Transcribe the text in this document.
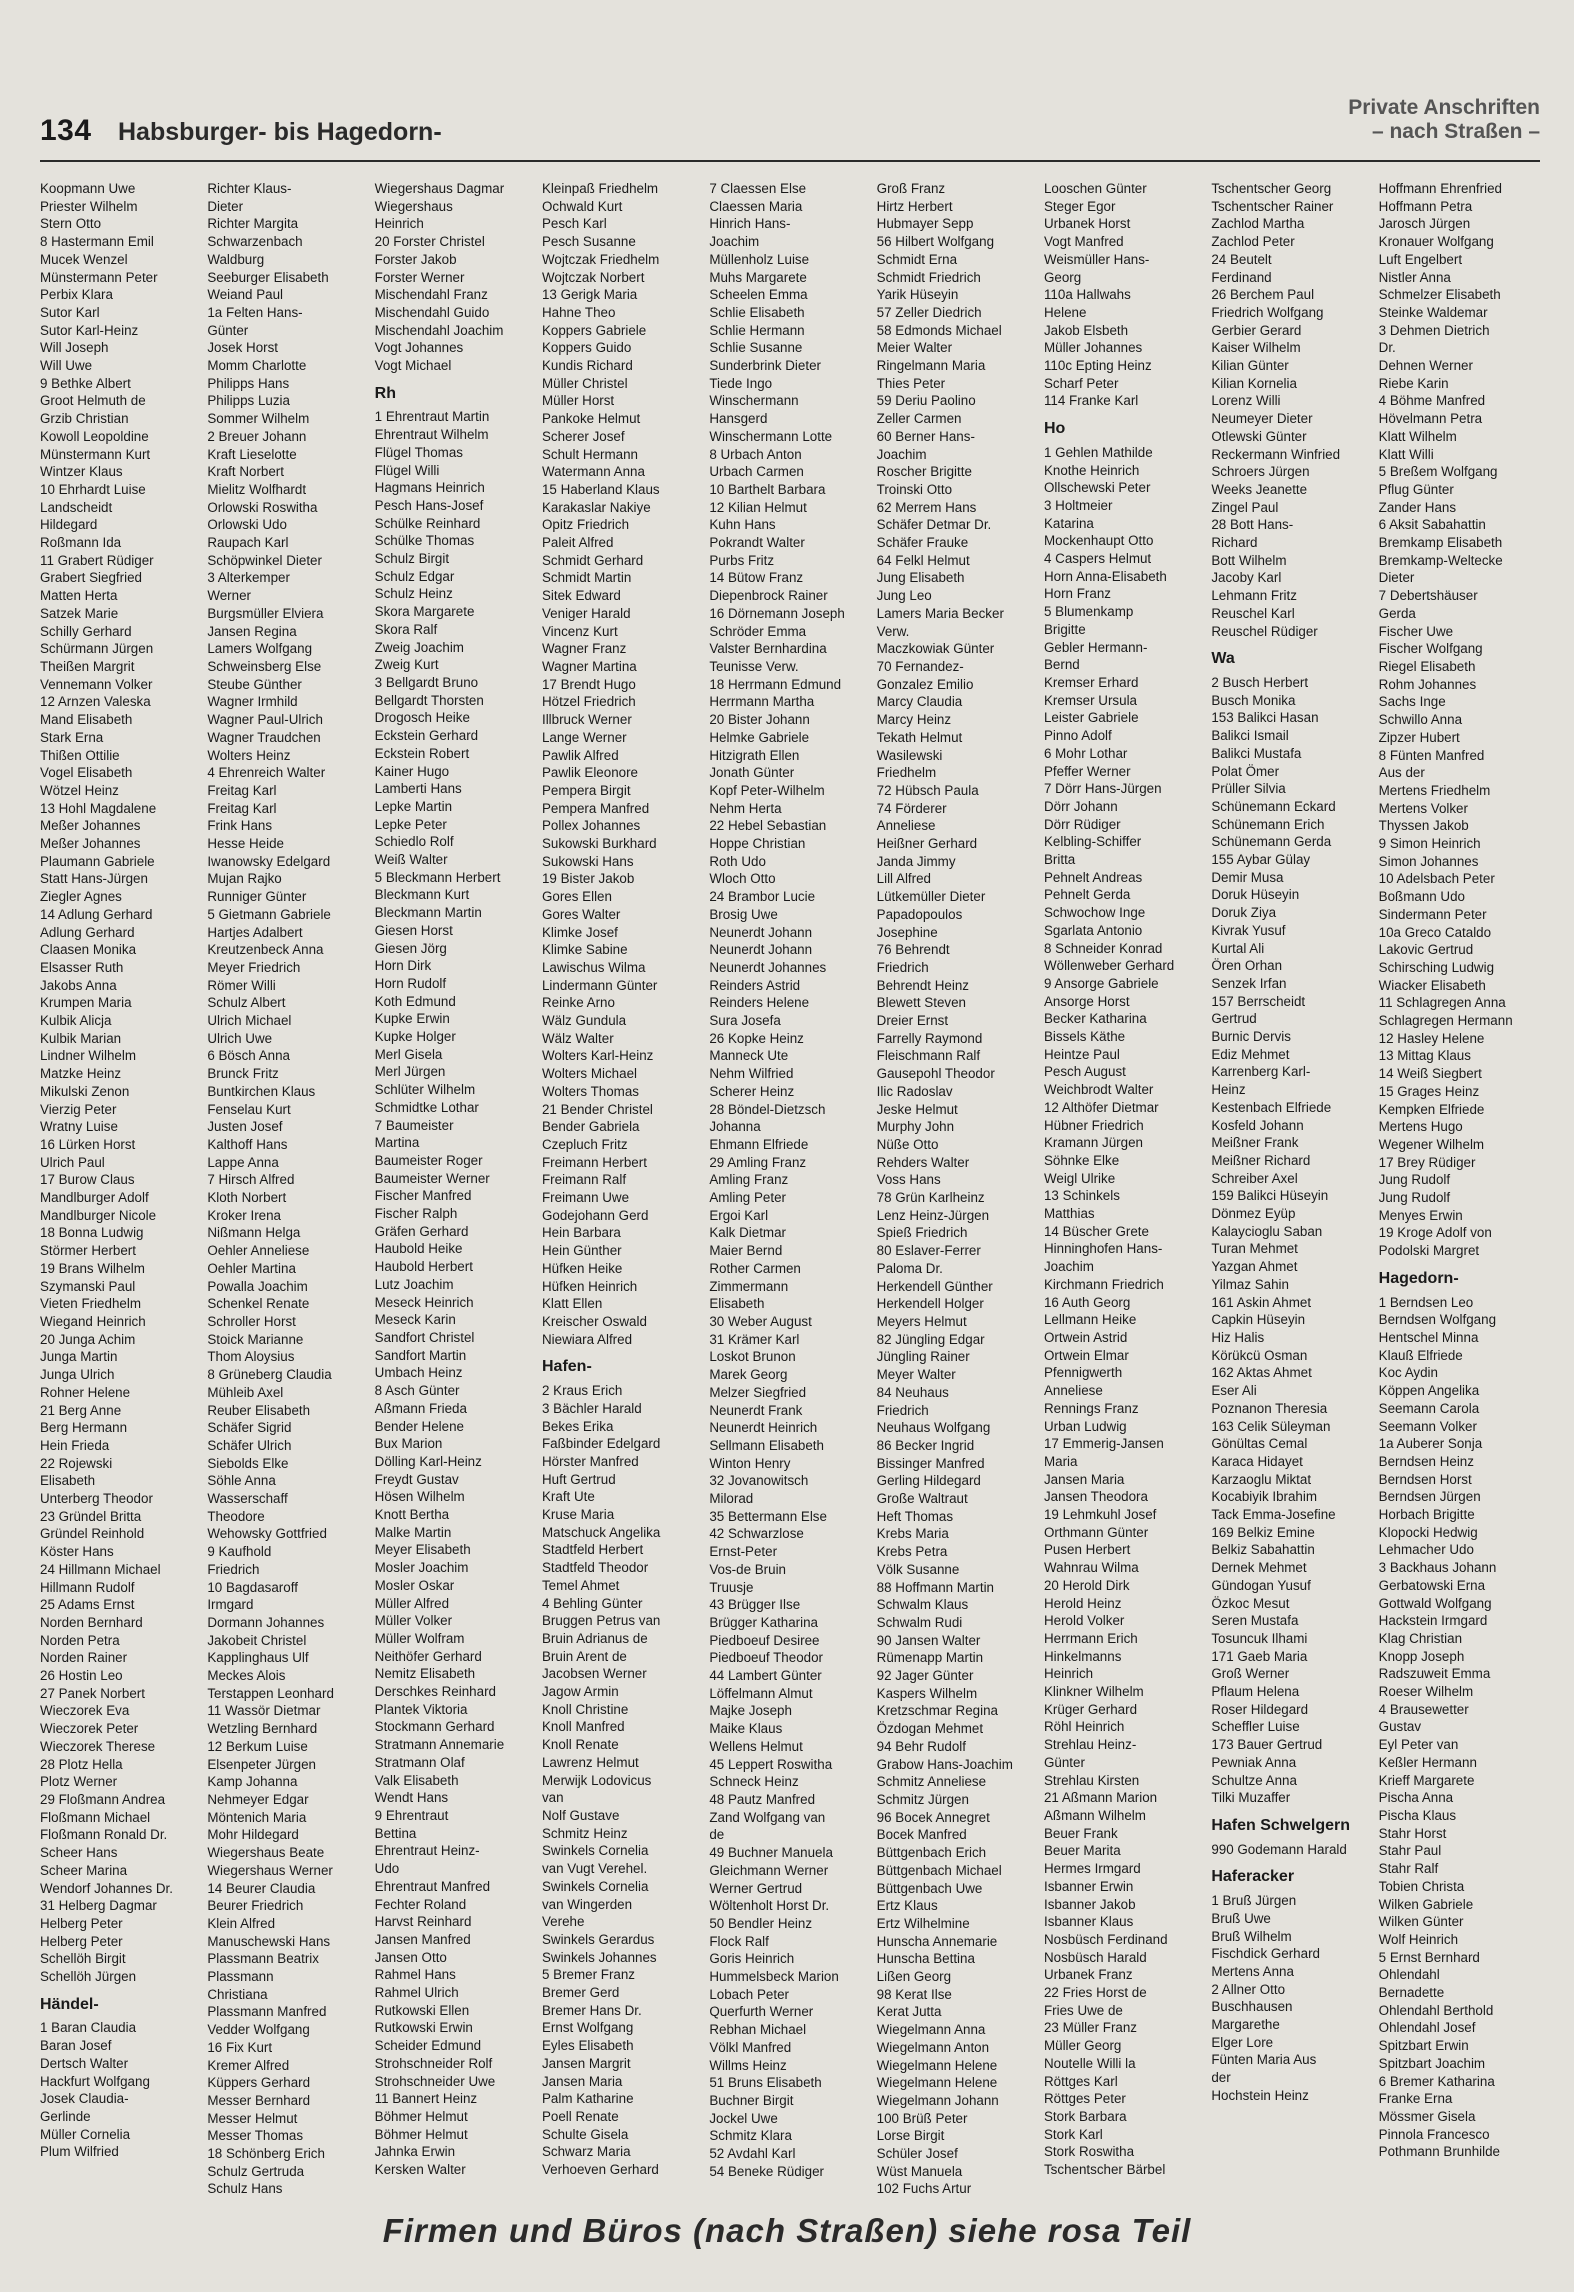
134 Habsburger- bis Hagedorn-
Private Anschriften
– nach Straßen –
Koopmann Uwe
Priester Wilhelm
Stern Otto
8 Hastermann Emil
Mucek Wenzel
Münstermann Peter
Perbix Klara
Sutor Karl
Sutor Karl-Heinz
Will Joseph
Will Uwe
9 Bethke Albert
Groot Helmuth de
Grzib Christian
Kowoll Leopoldine
Münstermann Kurt
Wintzer Klaus
10 Ehrhardt Luise
Landscheidt
Hildegard
Roßmann Ida
11 Grabert Rüdiger
Grabert Siegfried
Matten Herta
Satzek Marie
Schilly Gerhard
Schürmann Jürgen
Theißen Margrit
Vennemann Volker
12 Arnzen Valeska
Mand Elisabeth
Stark Erna
Thißen Ottilie
Vogel Elisabeth
Wötzel Heinz
13 Hohl Magdalene
Meßer Johannes
Meßer Johannes
Plaumann Gabriele
Statt Hans-Jürgen
Ziegler Agnes
14 Adlung Gerhard
Adlung Gerhard
Claasen Monika
Elsasser Ruth
Jakobs Anna
Krumpen Maria
Kulbik Alicja
Kulbik Marian
Lindner Wilhelm
Matzke Heinz
Mikulski Zenon
Vierzig Peter
Wratny Luise
16 Lürken Horst
Ulrich Paul
17 Burow Claus
Mandlburger Adolf
Mandlburger Nicole
18 Bonna Ludwig
Störmer Herbert
19 Brans Wilhelm
Szymanski Paul
Vieten Friedhelm
Wiegand Heinrich
20 Junga Achim
Junga Martin
Junga Ulrich
Rohner Helene
21 Berg Anne
Berg Hermann
Hein Frieda
22 Rojewski
Elisabeth
Unterberg Theodor
23 Gründel Britta
Gründel Reinhold
Köster Hans
24 Hillmann Michael
Hillmann Rudolf
25 Adams Ernst
Norden Bernhard
Norden Petra
Norden Rainer
26 Hostin Leo
27 Panek Norbert
Wieczorek Eva
Wieczorek Peter
Wieczorek Therese
28 Plotz Hella
Plotz Werner
29 Floßmann Andrea
Floßmann Michael
Floßmann Ronald Dr.
Scheer Hans
Scheer Marina
Wendorf Johannes Dr.
31 Helberg Dagmar
Helberg Peter
Helberg Peter
Schellöh Birgit
Schellöh Jürgen
Händel-
1 Baran Claudia
Baran Josef
Dertsch Walter
Hackfurt Wolfgang
Josek Claudia-
Gerlinde
Müller Cornelia
Plum Wilfried
Richter Klaus-
Dieter
Richter Margita
Schwarzenbach
Waldburg
Seeburger Elisabeth
Weiand Paul
1a Felten Hans-
Günter
Josek Horst
Momm Charlotte
Philipps Hans
Philipps Luzia
Sommer Wilhelm
2 Breuer Johann
Kraft Lieselotte
Kraft Norbert
Mielitz Wolfhardt
Orlowski Roswitha
Orlowski Udo
Raupach Karl
Schöpwinkel Dieter
3 Alterkemper
Werner
Burgsmüller Elviera
Jansen Regina
Lamers Wolfgang
Schweinsberg Else
Steube Günther
Wagner Irmhild
Wagner Paul-Ulrich
Wagner Traudchen
Wolters Heinz
4 Ehrenreich Walter
Freitag Karl
Freitag Karl
Frink Hans
Hesse Heide
Iwanowsky Edelgard
Mujan Rajko
Runniger Günter
5 Gietmann Gabriele
Hartjes Adalbert
Kreutzenbeck Anna
Meyer Friedrich
Römer Willi
Schulz Albert
Ulrich Michael
Ulrich Uwe
6 Bösch Anna
Brunck Fritz
Buntkirchen Klaus
Fenselau Kurt
Justen Josef
Kalthoff Hans
Lappe Anna
7 Hirsch Alfred
Kloth Norbert
Kroker Irena
Nißmann Helga
Oehler Anneliese
Oehler Martina
Powalla Joachim
Schenkel Renate
Schroller Horst
Stoick Marianne
Thom Aloysius
8 Grüneberg Claudia
Mühleib Axel
Reuber Elisabeth
Schäfer Sigrid
Schäfer Ulrich
Siebolds Elke
Söhle Anna
Wasserschaff
Theodore
Wehowsky Gottfried
9 Kaufhold
Friedrich
10 Bagdasaroff
Irmgard
Dormann Johannes
Jakobeit Christel
Kapplinghaus Ulf
Meckes Alois
Terstappen Leonhard
11 Wassör Dietmar
Wetzling Bernhard
12 Berkum Luise
Elsenpeter Jürgen
Kamp Johanna
Nehmeyer Edgar
Möntenich Maria
Mohr Hildegard
Wiegershaus Beate
Wiegershaus Werner
14 Beurer Claudia
Beurer Friedrich
Klein Alfred
Manuschewski Hans
Plassmann Beatrix
Plassmann
Christiana
Plassmann Manfred
Vedder Wolfgang
16 Fix Kurt
Kremer Alfred
Küppers Gerhard
Messer Bernhard
Messer Helmut
Messer Thomas
18 Schönberg Erich
Schulz Gertruda
Schulz Hans
Wiegershaus Dagmar
Wiegershaus
Heinrich
20 Forster Christel
Forster Jakob
Forster Werner
Mischendahl Franz
Mischendahl Guido
Mischendahl Joachim
Vogt Johannes
Vogt Michael
Rh
1 Ehrentraut Martin
Ehrentraut Wilhelm
Flügel Thomas
Flügel Willi
Hagmans Heinrich
Pesch Hans-Josef
Schülke Reinhard
Schülke Thomas
Schulz Birgit
Schulz Edgar
Schulz Heinz
Skora Margarete
Skora Ralf
Zweig Joachim
Zweig Kurt
3 Bellgardt Bruno
Bellgardt Thorsten
Drogosch Heike
Eckstein Gerhard
Eckstein Robert
Kainer Hugo
Lamberti Hans
Lepke Martin
Lepke Peter
Schiedlo Rolf
Weiß Walter
5 Bleckmann Herbert
Bleckmann Kurt
Bleckmann Martin
Giesen Horst
Giesen Jörg
Horn Dirk
Horn Rudolf
Koth Edmund
Kupke Erwin
Kupke Holger
Merl Gisela
Merl Jürgen
Schlüter Wilhelm
Schmidtke Lothar
7 Baumeister
Martina
Baumeister Roger
Baumeister Werner
Fischer Manfred
Fischer Ralph
Gräfen Gerhard
Haubold Heike
Haubold Herbert
Lutz Joachim
Meseck Heinrich
Meseck Karin
Sandfort Christel
Sandfort Martin
Umbach Heinz
8 Asch Günter
Aßmann Frieda
Bender Helene
Bux Marion
Dölling Karl-Heinz
Freydt Gustav
Hösen Wilhelm
Knott Bertha
Malke Martin
Meyer Elisabeth
Mosler Joachim
Mosler Oskar
Müller Alfred
Müller Volker
Müller Wolfram
Neithöfer Gerhard
Nemitz Elisabeth
Derschkes Reinhard
Plantek Viktoria
Stockmann Gerhard
Stratmann Annemarie
Stratmann Olaf
Valk Elisabeth
Wendt Hans
9 Ehrentraut
Bettina
Ehrentraut Heinz-
Udo
Ehrentraut Manfred
Fechter Roland
Harvst Reinhard
Jansen Manfred
Jansen Otto
Rahmel Hans
Rahmel Ulrich
Rutkowski Ellen
Rutkowski Erwin
Scheider Edmund
Strohschneider Rolf
Strohschneider Uwe
11 Bannert Heinz
Böhmer Helmut
Böhmer Helmut
Jahnka Erwin
Kersken Walter
Kleinpaß Friedhelm
Ochwald Kurt
Pesch Karl
Pesch Susanne
Wojtczak Friedhelm
Wojtczak Norbert
13 Gerigk Maria
Hahne Theo
Koppers Gabriele
Koppers Guido
Kundis Richard
Müller Christel
Müller Horst
Pankoke Helmut
Scherer Josef
Schult Hermann
Watermann Anna
15 Haberland Klaus
Karakaslar Nakiye
Opitz Friedrich
Paleit Alfred
Schmidt Gerhard
Schmidt Martin
Sitek Edward
Veniger Harald
Vincenz Kurt
Wagner Franz
Wagner Martina
17 Brendt Hugo
Hötzel Friedrich
Illbruck Werner
Lange Werner
Pawlik Alfred
Pawlik Eleonore
Pempera Birgit
Pempera Manfred
Pollex Johannes
Sukowski Burkhard
Sukowski Hans
19 Bister Jakob
Gores Ellen
Gores Walter
Klimke Josef
Klimke Sabine
Lawischus Wilma
Lindermann Günter
Reinke Arno
Wälz Gundula
Wälz Walter
Wolters Karl-Heinz
Wolters Michael
Wolters Thomas
21 Bender Christel
Bender Gabriela
Czepluch Fritz
Freimann Herbert
Freimann Ralf
Freimann Uwe
Godejohann Gerd
Hein Barbara
Hein Günther
Hüfken Heike
Hüfken Heinrich
Klatt Ellen
Kreischer Oswald
Niewiara Alfred
Hafen-
2 Kraus Erich
3 Bächler Harald
Bekes Erika
Faßbinder Edelgard
Hörster Manfred
Huft Gertrud
Kraft Ute
Kruse Maria
Matschuck Angelika
Stadtfeld Herbert
Stadtfeld Theodor
Temel Ahmet
4 Behling Günter
Bruggen Petrus van
Bruin Adrianus de
Bruin Arent de
Jacobsen Werner
Jagow Armin
Knoll Christine
Knoll Manfred
Knoll Renate
Lawrenz Helmut
Merwijk Lodovicus
van
Nolf Gustave
Schmitz Heinz
Swinkels Cornelia
van Vugt Verehel.
Swinkels Cornelia
van Wingerden
Verehe
Swinkels Gerardus
Swinkels Johannes
5 Bremer Franz
Bremer Gerd
Bremer Hans Dr.
Ernst Wolfgang
Eyles Elisabeth
Jansen Margrit
Jansen Maria
Palm Katharine
Poell Renate
Schulte Gisela
Schwarz Maria
Verhoeven Gerhard
7 Claessen Else
Claessen Maria
Hinrich Hans-
Joachim
Müllenholz Luise
Muhs Margarete
Scheelen Emma
Schlie Elisabeth
Schlie Hermann
Schlie Susanne
Sunderbrink Dieter
Tiede Ingo
Winschermann
Hansgerd
Winschermann Lotte
8 Urbach Anton
Urbach Carmen
10 Barthelt Barbara
12 Kilian Helmut
Kuhn Hans
Pokrandt Walter
Purbs Fritz
14 Bütow Franz
Diepenbrock Rainer
16 Dörnemann Joseph
Schröder Emma
Valster Bernhardina
Teunisse Verw.
18 Herrmann Edmund
Herrmann Martha
20 Bister Johann
Helmke Gabriele
Hitzigrath Ellen
Jonath Günter
Kopf Peter-Wilhelm
Nehm Herta
22 Hebel Sebastian
Hoppe Christian
Roth Udo
Wloch Otto
24 Brambor Lucie
Brosig Uwe
Neunerdt Johann
Neunerdt Johann
Neunerdt Johannes
Reinders Astrid
Reinders Helene
Sura Josefa
26 Kopke Heinz
Manneck Ute
Nehm Wilfried
Scherer Heinz
28 Böndel-Dietzsch
Johanna
Ehmann Elfriede
29 Amling Franz
Amling Franz
Amling Peter
Ergoi Karl
Kalk Dietmar
Maier Bernd
Rother Carmen
Zimmermann
Elisabeth
30 Weber August
31 Krämer Karl
Loskot Brunon
Marek Georg
Melzer Siegfried
Neunerdt Frank
Neunerdt Heinrich
Sellmann Elisabeth
Winton Henry
32 Jovanowitsch
Milorad
35 Bettermann Else
42 Schwarzlose
Ernst-Peter
Vos-de Bruin
Truusje
43 Brügger Ilse
Brügger Katharina
Piedboeuf Desiree
Piedboeuf Theodor
44 Lambert Günter
Löffelmann Almut
Majke Joseph
Maike Klaus
Wellens Helmut
45 Leppert Roswitha
Schneck Heinz
48 Pautz Manfred
Zand Wolfgang van
de
49 Buchner Manuela
Gleichmann Werner
Werner Gertrud
Wöltenholt Horst Dr.
50 Bendler Heinz
Flock Ralf
Goris Heinrich
Hummelsbeck Marion
Lobach Peter
Querfurth Werner
Rebhan Michael
Völkl Manfred
Willms Heinz
51 Bruns Elisabeth
Buchner Birgit
Jockel Uwe
Schmitz Klara
52 Avdahl Karl
54 Beneke Rüdiger
Groß Franz
Hirtz Herbert
Hubmayer Sepp
56 Hilbert Wolfgang
Schmidt Erna
Schmidt Friedrich
Yarik Hüseyin
57 Zeller Diedrich
58 Edmonds Michael
Meier Walter
Ringelmann Maria
Thies Peter
59 Deriu Paolino
Zeller Carmen
60 Berner Hans-
Joachim
Roscher Brigitte
Troinski Otto
62 Merrem Hans
Schäfer Detmar Dr.
Schäfer Frauke
64 Felkl Helmut
Jung Elisabeth
Jung Leo
Lamers Maria Becker
Verw.
Maczkowiak Günter
70 Fernandez-
Gonzalez Emilio
Marcy Claudia
Marcy Heinz
Tekath Helmut
Wasilewski
Friedhelm
72 Hübsch Paula
74 Förderer
Anneliese
Heißner Gerhard
Janda Jimmy
Lill Alfred
Lütkemüller Dieter
Papadopoulos
Josephine
76 Behrendt
Friedrich
Behrendt Heinz
Blewett Steven
Dreier Ernst
Farrelly Raymond
Fleischmann Ralf
Gausepohl Theodor
Ilic Radoslav
Jeske Helmut
Murphy John
Nüße Otto
Rehders Walter
Voss Hans
78 Grün Karlheinz
Lenz Heinz-Jürgen
Spieß Friedrich
80 Eslaver-Ferrer
Paloma Dr.
Herkendell Günther
Herkendell Holger
Meyers Helmut
82 Jüngling Edgar
Jüngling Rainer
Meyer Walter
84 Neuhaus
Friedrich
Neuhaus Wolfgang
86 Becker Ingrid
Bissinger Manfred
Gerling Hildegard
Große Waltraut
Heft Thomas
Krebs Maria
Krebs Petra
Völk Susanne
88 Hoffmann Martin
Schwalm Klaus
Schwalm Rudi
90 Jansen Walter
Rümenapp Martin
92 Jager Günter
Kaspers Wilhelm
Kretzschmar Regina
Özdogan Mehmet
94 Behr Rudolf
Grabow Hans-Joachim
Schmitz Anneliese
Schmitz Jürgen
96 Bocek Annegret
Bocek Manfred
Büttgenbach Erich
Büttgenbach Michael
Büttgenbach Uwe
Ertz Klaus
Ertz Wilhelmine
Hunscha Annemarie
Hunscha Bettina
Lißen Georg
98 Kerat Ilse
Kerat Jutta
Wiegelmann Anna
Wiegelmann Anton
Wiegelmann Helene
Wiegelmann Helene
Wiegelmann Johann
100 Brüß Peter
Lorse Birgit
Schüler Josef
Wüst Manuela
102 Fuchs Artur
Looschen Günter
Steger Egor
Urbanek Horst
Vogt Manfred
Weismüller Hans-
Georg
110a Hallwahs
Helene
Jakob Elsbeth
Müller Johannes
110c Epting Heinz
Scharf Peter
114 Franke Karl
Ho
1 Gehlen Mathilde
Knothe Heinrich
Ollschewski Peter
3 Holtmeier
Katarina
Mockenhaupt Otto
4 Caspers Helmut
Horn Anna-Elisabeth
Horn Franz
5 Blumenkamp
Brigitte
Gebler Hermann-
Bernd
Kremser Erhard
Kremser Ursula
Leister Gabriele
Pinno Adolf
6 Mohr Lothar
Pfeffer Werner
7 Dörr Hans-Jürgen
Dörr Johann
Dörr Rüdiger
Kelbling-Schiffer
Britta
Pehnelt Andreas
Pehnelt Gerda
Schwochow Inge
Sgarlata Antonio
8 Schneider Konrad
Wöllenweber Gerhard
9 Ansorge Gabriele
Ansorge Horst
Becker Katharina
Bissels Käthe
Heintze Paul
Pesch August
Weichbrodt Walter
12 Althöfer Dietmar
Hübner Friedrich
Kramann Jürgen
Söhnke Elke
Weigl Ulrike
13 Schinkels
Matthias
14 Büscher Grete
Hinninghofen Hans-
Joachim
Kirchmann Friedrich
16 Auth Georg
Lellmann Heike
Ortwein Astrid
Ortwein Elmar
Pfennigwerth
Anneliese
Rennings Franz
Urban Ludwig
17 Emmerig-Jansen
Maria
Jansen Maria
Jansen Theodora
19 Lehmkuhl Josef
Orthmann Günter
Pusen Herbert
Wahnrau Wilma
20 Herold Dirk
Herold Heinz
Herold Volker
Herrmann Erich
Hinkelmanns
Heinrich
Klinkner Wilhelm
Krüger Gerhard
Röhl Heinrich
Strehlau Heinz-
Günter
Strehlau Kirsten
21 Aßmann Marion
Aßmann Wilhelm
Beuer Frank
Beuer Marita
Hermes Irmgard
Isbanner Erwin
Isbanner Jakob
Isbanner Klaus
Nosbüsch Ferdinand
Nosbüsch Harald
Urbanek Franz
22 Fries Horst de
Fries Uwe de
23 Müller Franz
Müller Georg
Noutelle Willi la
Röttges Karl
Röttges Peter
Stork Barbara
Stork Karl
Stork Roswitha
Tschentscher Bärbel
Tschentscher Georg
Tschentscher Rainer
Zachlod Martha
Zachlod Peter
24 Beutelt
Ferdinand
26 Berchem Paul
Friedrich Wolfgang
Gerbier Gerard
Kaiser Wilhelm
Kilian Günter
Kilian Kornelia
Lorenz Willi
Neumeyer Dieter
Otlewski Günter
Reckermann Winfried
Schroers Jürgen
Weeks Jeanette
Zingel Paul
28 Bott Hans-
Richard
Bott Wilhelm
Jacoby Karl
Lehmann Fritz
Reuschel Karl
Reuschel Rüdiger
Wa
2 Busch Herbert
Busch Monika
153 Balikci Hasan
Balikci Ismail
Balikci Mustafa
Polat Ömer
Prüller Silvia
Schünemann Eckard
Schünemann Erich
Schünemann Gerda
155 Aybar Gülay
Demir Musa
Doruk Hüseyin
Doruk Ziya
Kivrak Yusuf
Kurtal Ali
Ören Orhan
Senzek Irfan
157 Berrscheidt
Gertrud
Burnic Dervis
Ediz Mehmet
Karrenberg Karl-
Heinz
Kestenbach Elfriede
Kosfeld Johann
Meißner Frank
Meißner Richard
Schreiber Axel
159 Balikci Hüseyin
Dönmez Eyüp
Kalaycioglu Saban
Turan Mehmet
Yazgan Ahmet
Yilmaz Sahin
161 Askin Ahmet
Capkin Hüseyin
Hiz Halis
Körükcü Osman
162 Aktas Ahmet
Eser Ali
Poznanon Theresia
163 Celik Süleyman
Gönültas Cemal
Karaca Hidayet
Karzaoglu Miktat
Kocabiyik Ibrahim
Tack Emma-Josefine
169 Belkiz Emine
Belkiz Sabahattin
Dernek Mehmet
Gündogan Yusuf
Özkoc Mesut
Seren Mustafa
Tosuncuk Ilhami
171 Gaeb Maria
Groß Werner
Pflaum Helena
Roser Hildegard
Scheffler Luise
173 Bauer Gertrud
Pewniak Anna
Schultze Anna
Tilki Muzaffer
Hafen Schwelgern
990 Godemann Harald
Haferacker
1 Bruß Jürgen
Bruß Uwe
Bruß Wilhelm
Fischdick Gerhard
Mertens Anna
2 Allner Otto
Buschhausen
Margarethe
Elger Lore
Fünten Maria Aus
der
Hochstein Heinz
Hoffmann Ehrenfried
Hoffmann Petra
Jarosch Jürgen
Kronauer Wolfgang
Luft Engelbert
Nistler Anna
Schmelzer Elisabeth
Steinke Waldemar
3 Dehmen Dietrich
Dr.
Dehnen Werner
Riebe Karin
4 Böhme Manfred
Hövelmann Petra
Klatt Wilhelm
Klatt Willi
5 Breßem Wolfgang
Pflug Günter
Zander Hans
6 Aksit Sabahattin
Bremkamp Elisabeth
Bremkamp-Weltecke
Dieter
7 Debertshäuser
Gerda
Fischer Uwe
Fischer Wolfgang
Riegel Elisabeth
Rohm Johannes
Sachs Inge
Schwillo Anna
Zipzer Hubert
8 Fünten Manfred
Aus der
Mertens Friedhelm
Mertens Volker
Thyssen Jakob
9 Simon Heinrich
Simon Johannes
10 Adelsbach Peter
Boßmann Udo
Sindermann Peter
10a Greco Cataldo
Lakovic Gertrud
Schirsching Ludwig
Wiacker Elisabeth
11 Schlagregen Anna
Schlagregen Hermann
12 Hasley Helene
13 Mittag Klaus
14 Weiß Siegbert
15 Grages Heinz
Kempken Elfriede
Mertens Hugo
Wegener Wilhelm
17 Brey Rüdiger
Jung Rudolf
Jung Rudolf
Menyes Erwin
19 Kroge Adolf von
Podolski Margret
Hagedorn-
1 Berndsen Leo
Berndsen Wolfgang
Hentschel Minna
Klauß Elfriede
Koc Aydin
Köppen Angelika
Seemann Carola
Seemann Volker
1a Auberer Sonja
Berndsen Heinz
Berndsen Horst
Berndsen Jürgen
Horbach Brigitte
Klopocki Hedwig
Lehmacher Udo
3 Backhaus Johann
Gerbatowski Erna
Gottwald Wolfgang
Hackstein Irmgard
Klag Christian
Knopp Joseph
Radszuweit Emma
Roeser Wilhelm
4 Brausewetter
Gustav
Eyl Peter van
Keßler Hermann
Krieff Margarete
Pischa Anna
Pischa Klaus
Stahr Horst
Stahr Paul
Stahr Ralf
Tobien Christa
Wilken Gabriele
Wilken Günter
Wolf Heinrich
5 Ernst Bernhard
Ohlendahl
Bernadette
Ohlendahl Berthold
Ohlendahl Josef
Spitzbart Erwin
Spitzbart Joachim
6 Bremer Katharina
Franke Erna
Mössmer Gisela
Pinnola Francesco
Pothmann Brunhilde
Firmen und Büros (nach Straßen) siehe rosa Teil
